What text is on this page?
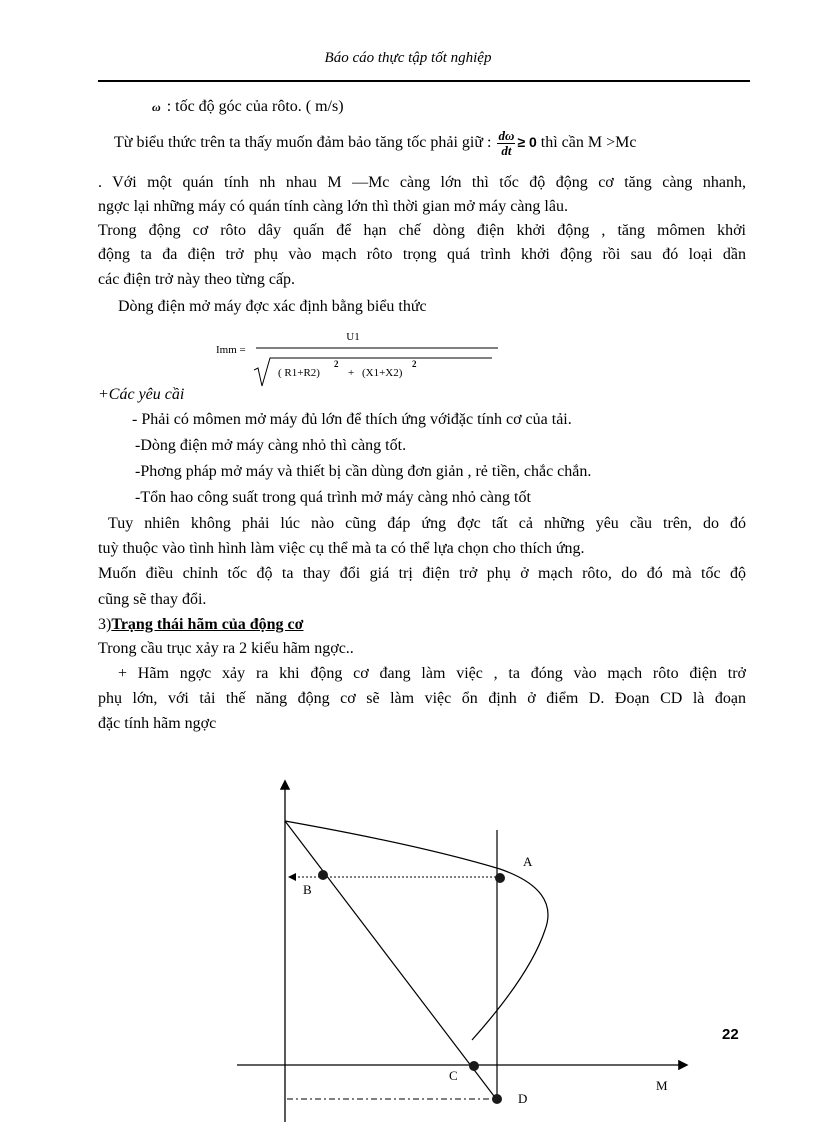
Báo cáo thực tập tốt nghiệp
ω : tốc độ góc của rôto. ( m/s)
Từ biểu thức trên ta thấy muốn đảm bảo tăng tốc phải giữ : $\frac{d\omega}{dt} \ge 0$ thì cần M >Mc
. Với một quán tính nh nhau M —Mc càng lớn thì tốc độ động cơ tăng càng nhanh,
ngợc lại những máy có quán tính càng lớn thì thời gian mở máy càng lâu.
Trong động cơ rôto dây quấn để hạn chế dòng điện khởi động , tăng mômen khởi
động ta đa điện trở phụ vào mạch rôto trọng quá trình khởi động rồi sau đó loại dần
các điện trở này theo từng cấp.
Dòng điện mở máy đợc xác định bằng biểu thức
Imm =
U1
( R1+R2)
2
+ (X1+X2)
2
+Các yêu cầi
- Phải có mômen mở máy đủ lớn để thích ứng vớiđặc tính cơ của tải.
-Dòng điện mở máy càng nhỏ thì càng tốt.
-Phơng pháp mở máy và thiết bị cần dùng đơn giản , rẻ tiền, chắc chắn.
-Tổn hao công suất trong quá trình mở máy càng nhỏ càng tốt
Tuy nhiên không phải lúc nào cũng đáp ứng đợc tất cả những yêu cầu trên, do đó
tuỳ thuộc vào tình hình làm việc cụ thể mà ta có thể lựa chọn cho thích ứng.
Muốn điều chỉnh tốc độ ta thay đổi giá trị điện trở phụ ở mạch rôto, do đó mà tốc độ
cũng sẽ thay đổi.
3)Trạng thái hãm của động cơ
Trong cầu trục xảy ra 2 kiểu hãm ngợc..
+ Hãm ngợc xảy ra khi động cơ đang làm việc , ta đóng vào mạch rôto điện trở
phụ lớn, với tải thế năng động cơ sẽ làm việc ổn định ở điểm D. Đoạn CD là đoạn
đặc tính hãm ngợc
A
B
C
D
M
22
